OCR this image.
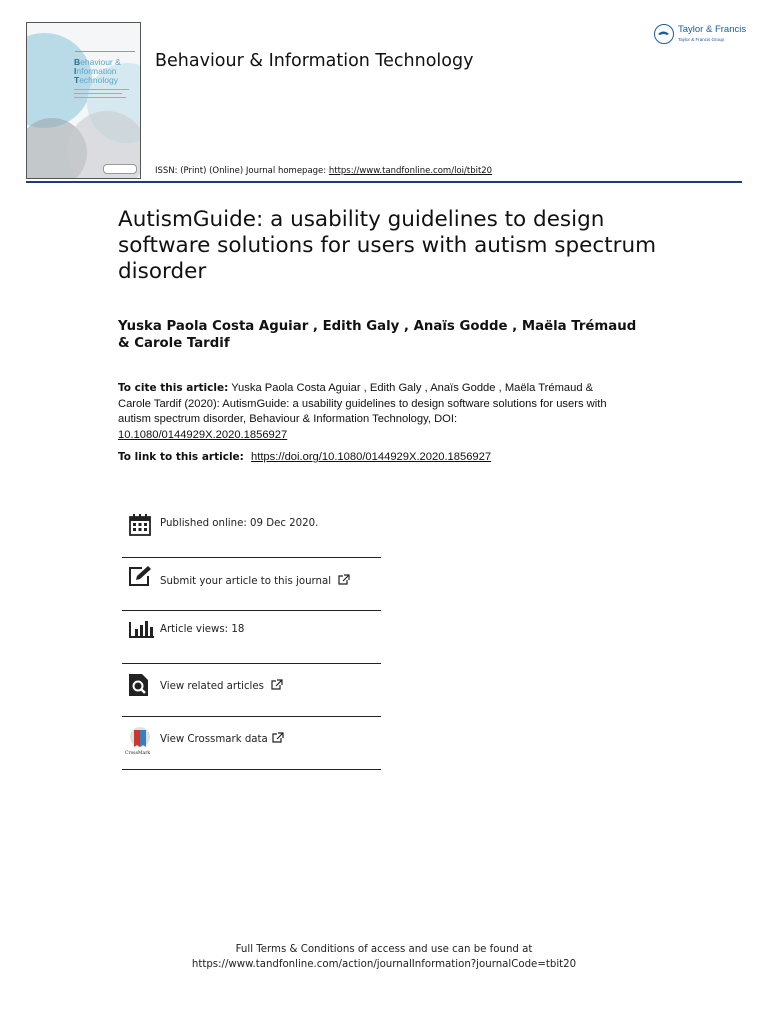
Behaviour &
Information
Technology
Behaviour & Information Technology
ISSN: (Print) (Online) Journal homepage: https://www.tandfonline.com/loi/tbit20
Taylor & Francis
Taylor & Francis Group
AutismGuide: a usability guidelines to design software solutions for users with autism spectrum disorder
Yuska Paola Costa Aguiar , Edith Galy , Anaïs Godde , Maëla Trémaud & Carole Tardif
To cite this article: Yuska Paola Costa Aguiar , Edith Galy , Anaïs Godde , Maëla Trémaud & Carole Tardif (2020): AutismGuide: a usability guidelines to design software solutions for users with autism spectrum disorder, Behaviour & Information Technology, DOI: 10.1080/0144929X.2020.1856927
To link to this article: https://doi.org/10.1080/0144929X.2020.1856927
Published online: 09 Dec 2020.
Submit your article to this journal
Article views: 18
View related articles
CrossMark
View Crossmark data
Full Terms & Conditions of access and use can be found at
https://www.tandfonline.com/action/journalInformation?journalCode=tbit20
